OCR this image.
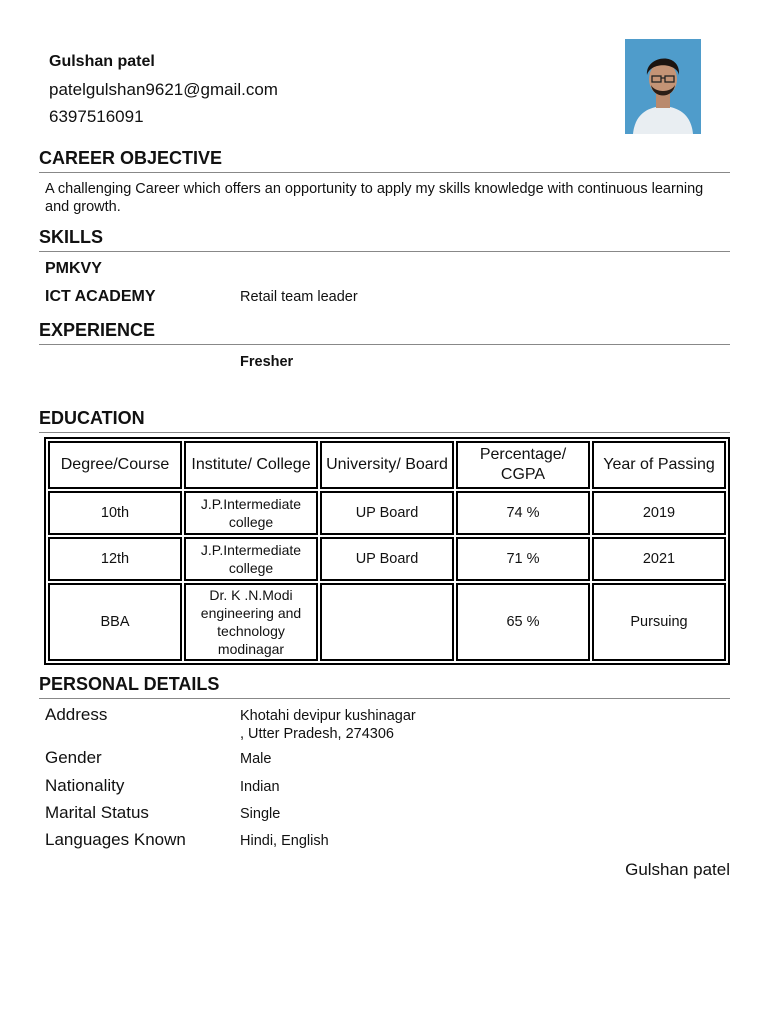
Gulshan patel
patelgulshan9621@gmail.com
6397516091
CAREER OBJECTIVE
A challenging Career which offers an opportunity to apply my skills knowledge with continuous learning and growth.
SKILLS
PMKVY
ICT ACADEMY	Retail team leader
EXPERIENCE
Fresher
EDUCATION
Degree/Course	Institute/ College	University/ Board	Percentage/ CGPA	Year of Passing
10th	J.P.Intermediate college	UP Board	74 %	2019
12th	J.P.Intermediate college	UP Board	71 %	2021
BBA	Dr. K .N.Modi engineering and technology modinagar		65 %	Pursuing
PERSONAL DETAILS
Address	Khotahi devipur kushinagar
, Utter Pradesh, 274306
Gender	Male
Nationality	Indian
Marital Status	Single
Languages Known	Hindi, English
Gulshan patel
